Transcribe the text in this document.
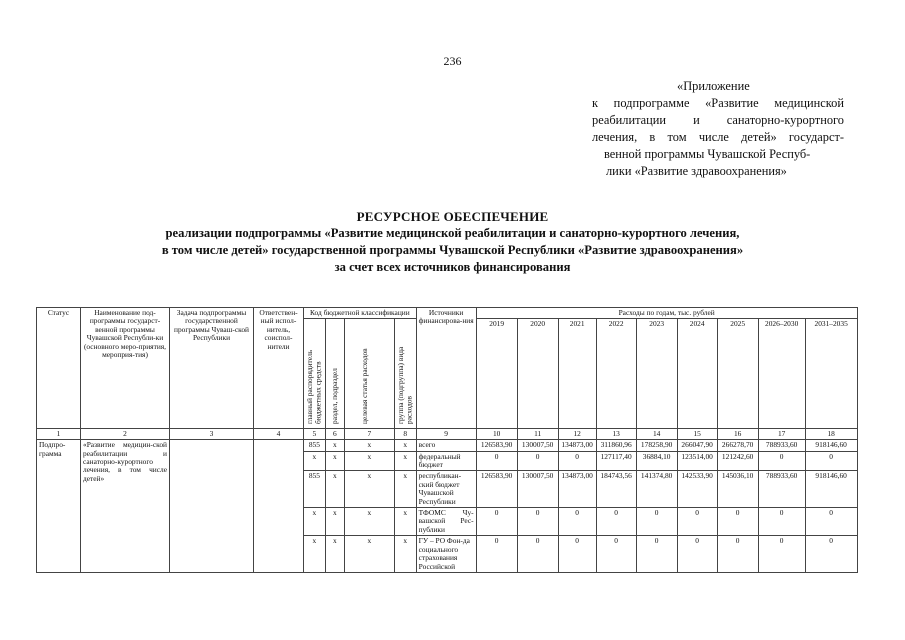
236
«Приложение
к подпрограмме «Развитие медицинской
реабилитации и санаторно-курортного
лечения, в том числе детей» государст-
венной программы Чувашской Респуб-
лики «Развитие здравоохранения»
РЕСУРСНОЕ ОБЕСПЕЧЕНИЕ
реализации подпрограммы «Развитие медицинской реабилитации и санаторно-курортного лечения,
в том числе детей» государственной программы Чувашской Республики «Развитие здравоохранения»
за счет всех источников финансирования
Статус	Наименование под-программы государст-венной программы Чувашской Республи-ки (основного меро-приятия, мероприя-тия)	Задача подпрограммы государственной программы Чуваш-ской Республики	Ответствен-ный испол-нитель, соиспол-нители	Код бюджетной классификации				Источники финансирова-ния	Расходы по годам, тыс. рублей								
				главный распорядитель бюджетных средств	раздел, подраздел	целевая статья расходов	группа (подгруппа) вида расходов		2019	2020	2021	2022	2023	2024	2025	2026–2030	2031–2035
1	2	3	4	5	6	7	8	9	10	11	12	13	14	15	16	17	18
Подпро-грамма	«Развитие медицин-ской реабилитации и санаторно-курортного лечения, в том числе детей»			855	х	х	х	всего	126583,90	130007,50	134873,00	311860,96	178258,90	266047,90	266278,70	788933,60	918146,60
				х	х	х	х	федеральный бюджет	0	0	0	127117,40	36884,10	123514,00	121242,60	0	0
				855	х	х	х	республикан-ский бюджет Чувашской Республики	126583,90	130007,50	134873,00	184743,56	141374,80	142533,90	145036,10	788933,60	918146,60
				х	х	х	х	ТФОМС Чу-вашской Рес-публики	0	0	0	0	0	0	0	0	0
				х	х	х	х	ГУ – РО Фон-да социального страхования Российской	0	0	0	0	0	0	0	0	0
